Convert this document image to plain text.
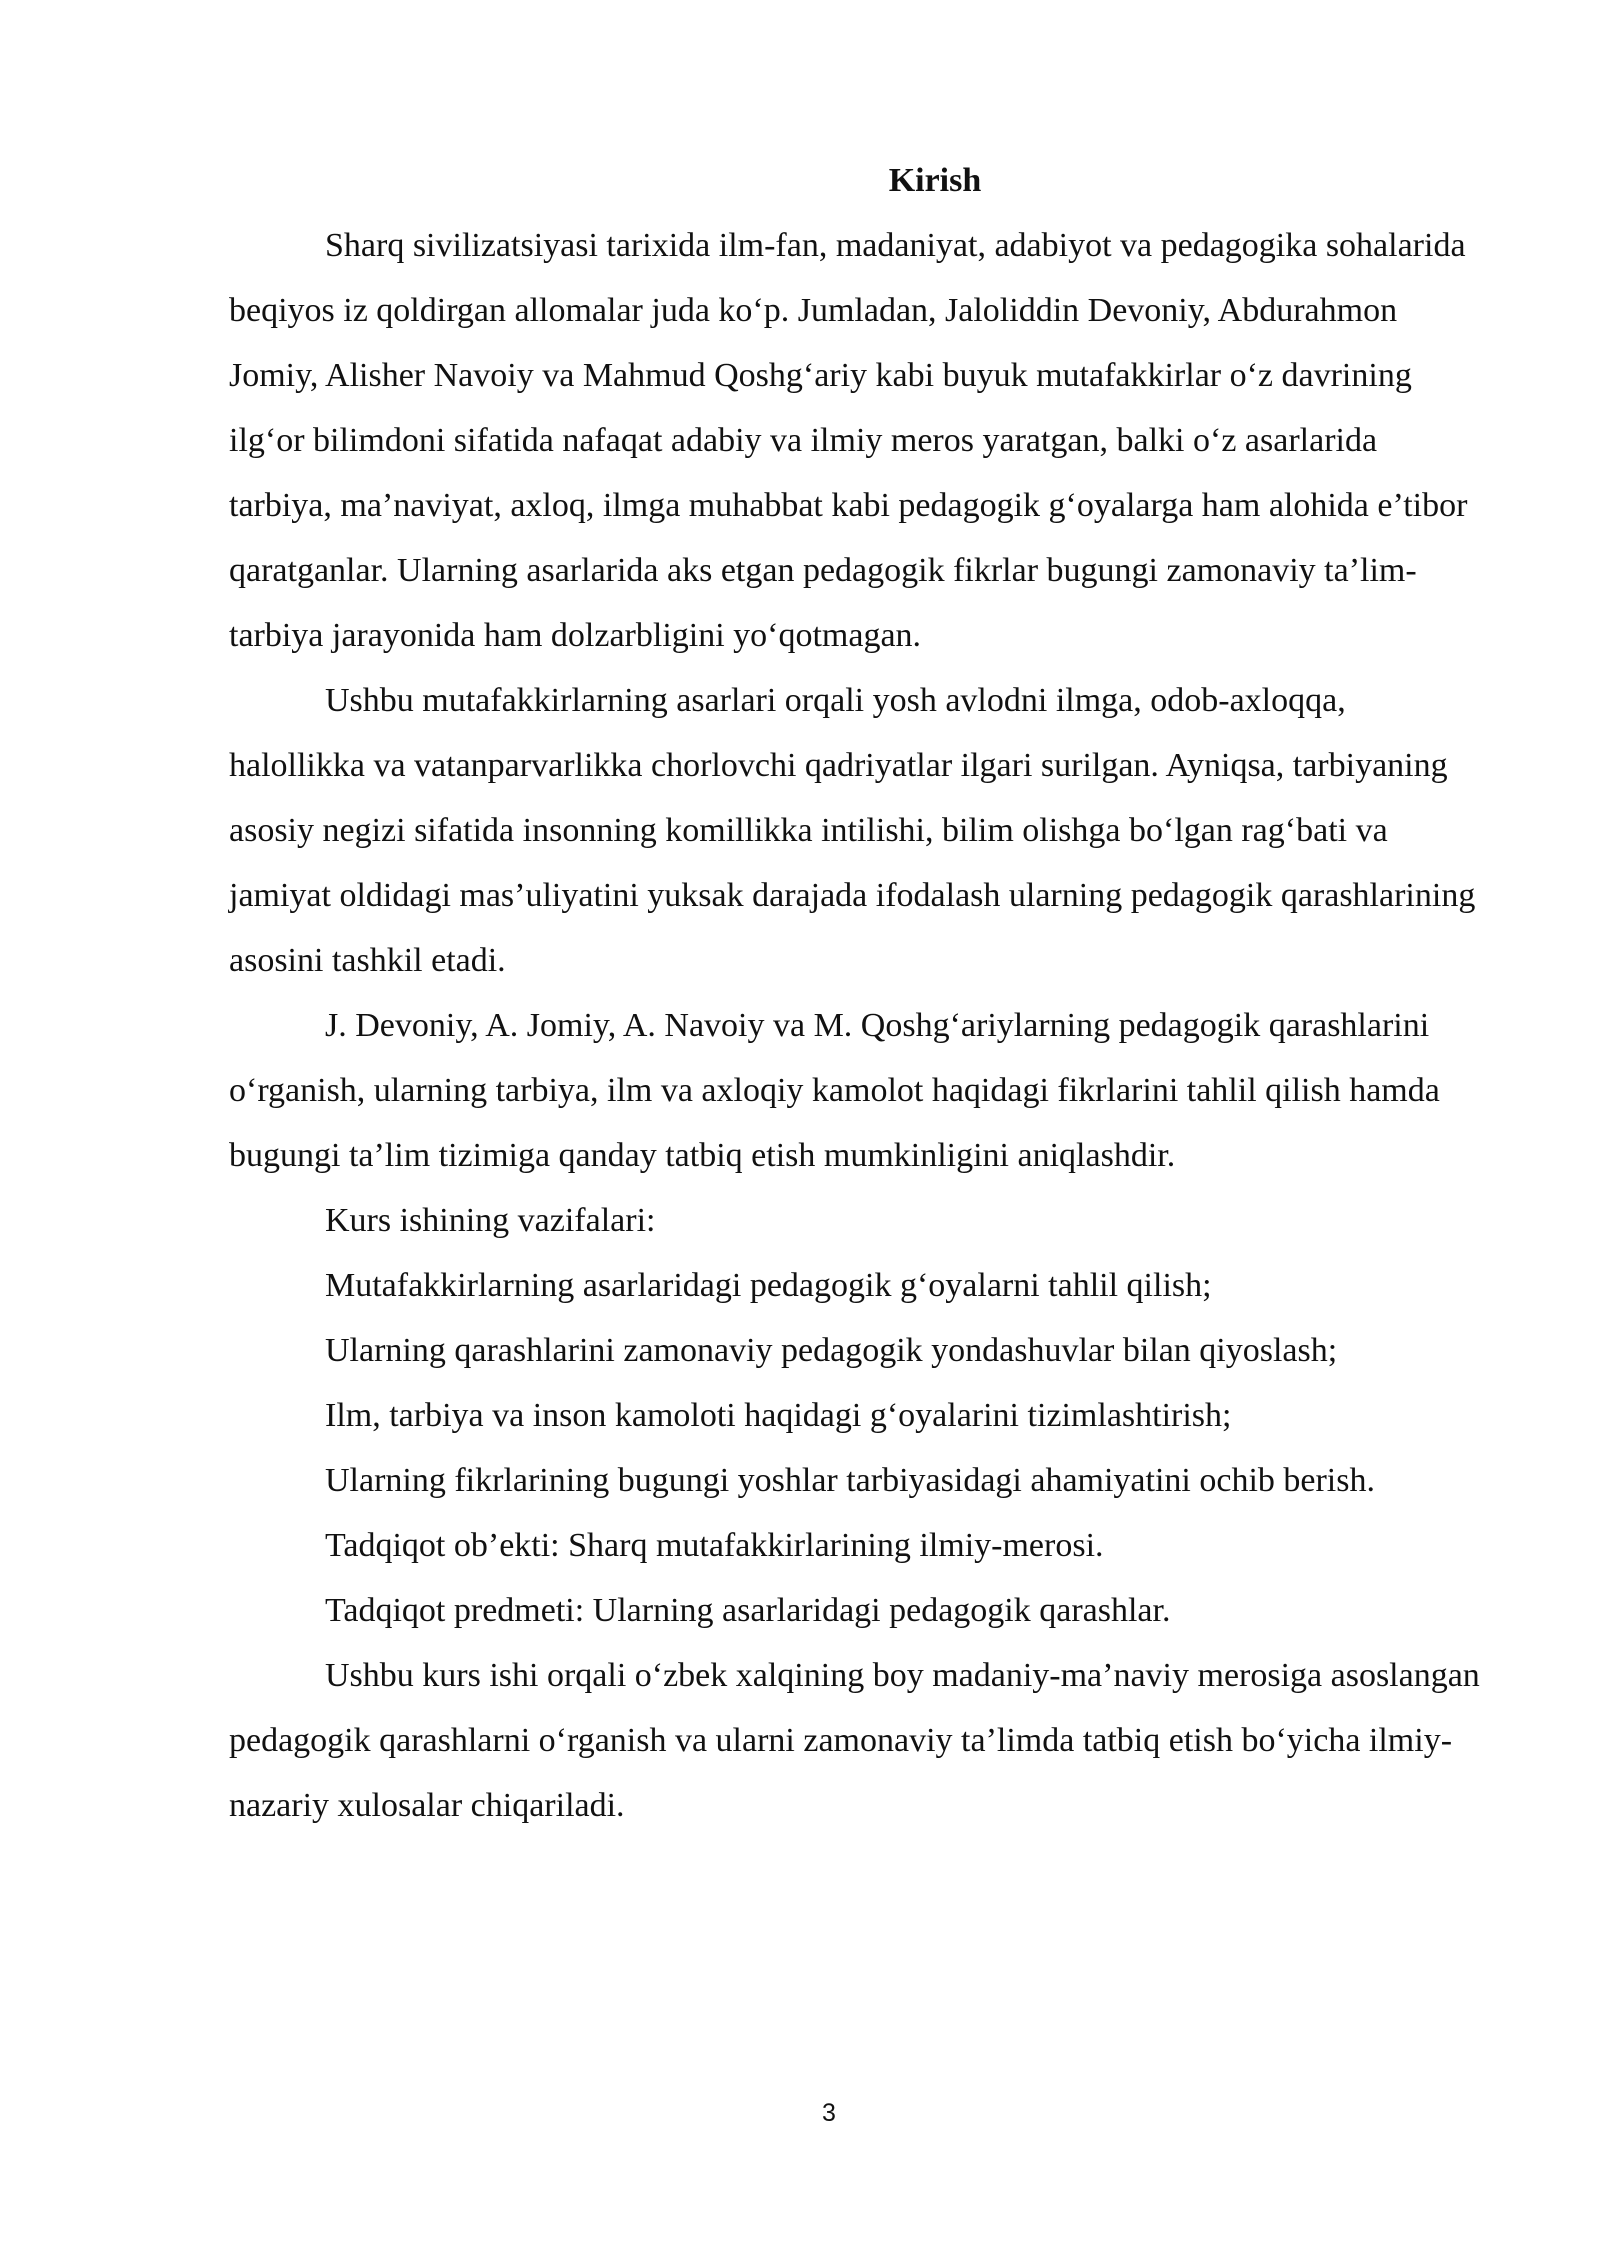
Kirish

Sharq sivilizatsiyasi tarixida ilm-fan, madaniyat, adabiyot va pedagogika sohalarida beqiyos iz qoldirgan allomalar juda ko‘p. Jumladan, Jaloliddin Devoniy, Abdurahmon Jomiy, Alisher Navoiy va Mahmud Qoshg‘ariy kabi buyuk mutafakkirlar o‘z davrining ilg‘or bilimdoni sifatida nafaqat adabiy va ilmiy meros yaratgan, balki o‘z asarlarida tarbiya, ma’naviyat, axloq, ilmga muhabbat kabi pedagogik g‘oyalarga ham alohida e’tibor qaratganlar. Ularning asarlarida aks etgan pedagogik fikrlar bugungi zamonaviy ta’lim-tarbiya jarayonida ham dolzarbligini yo‘qotmagan.

Ushbu mutafakkirlarning asarlari orqali yosh avlodni ilmga, odob-axloqqa, halollikka va vatanparvarlikka chorlovchi qadriyatlar ilgari surilgan. Ayniqsa, tarbiyaning asosiy negizi sifatida insonning komillikka intilishi, bilim olishga bo‘lgan rag‘bati va jamiyat oldidagi mas’uliyatini yuksak darajada ifodalash ularning pedagogik qarashlarining asosini tashkil etadi.

J. Devoniy, A. Jomiy, A. Navoiy va M. Qoshg‘ariylarning pedagogik qarashlarini o‘rganish, ularning tarbiya, ilm va axloqiy kamolot haqidagi fikrlarini tahlil qilish hamda bugungi ta’lim tizimiga qanday tatbiq etish mumkinligini aniqlashdir.

Kurs ishining vazifalari:

Mutafakkirlarning asarlaridagi pedagogik g‘oyalarni tahlil qilish;

Ularning qarashlarini zamonaviy pedagogik yondashuvlar bilan qiyoslash;

Ilm, tarbiya va inson kamoloti haqidagi g‘oyalarini tizimlashtirish;

Ularning fikrlarining bugungi yoshlar tarbiyasidagi ahamiyatini ochib berish.

Tadqiqot ob’ekti: Sharq mutafakkirlarining ilmiy-merosi.

Tadqiqot predmeti: Ularning asarlaridagi pedagogik qarashlar.

Ushbu kurs ishi orqali o‘zbek xalqining boy madaniy-ma’naviy merosiga asoslangan pedagogik qarashlarni o‘rganish va ularni zamonaviy ta’limda tatbiq etish bo‘yicha ilmiy-nazariy xulosalar chiqariladi.

3
